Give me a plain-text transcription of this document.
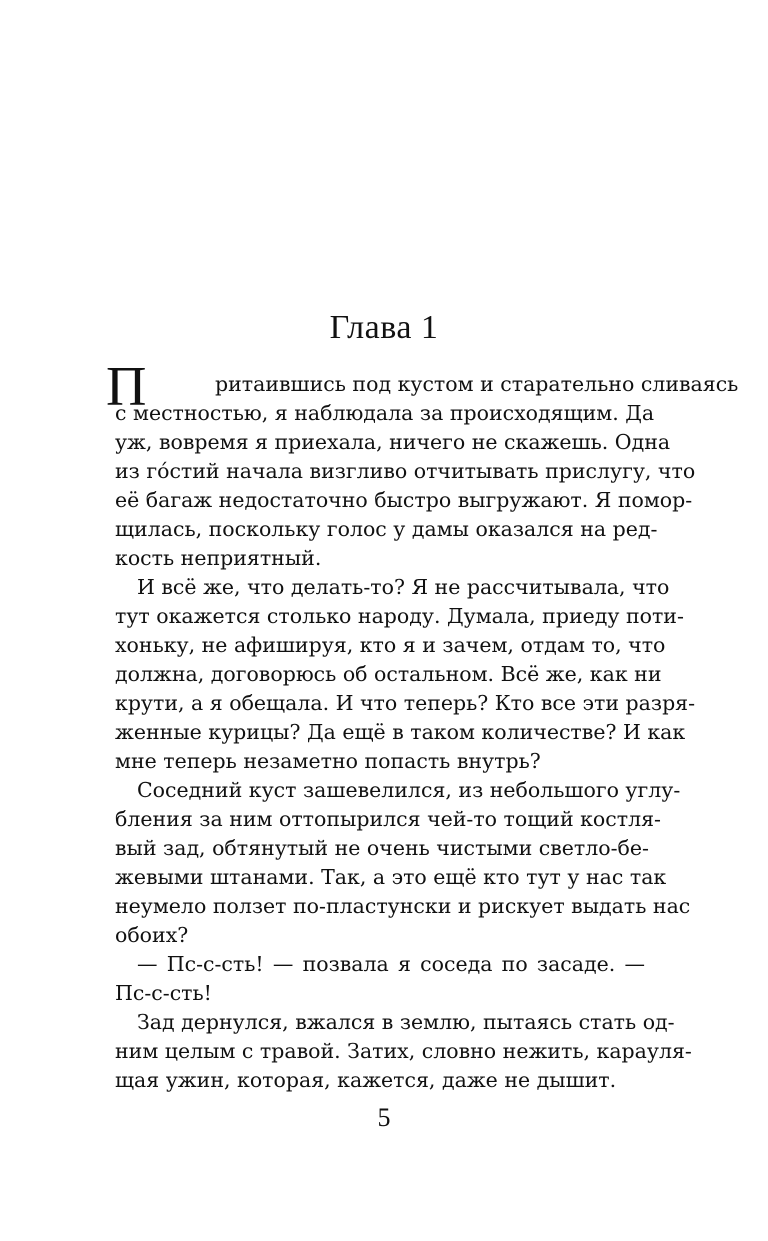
Глава 1
П	ритаившись под кустом и старательно сливаясь
с местностью, я наблюдала за происходящим. Да
уж, вовремя я приехала, ничего не скажешь. Одна
из го́стий начала визгливо отчитывать прислугу, что
её багаж недостаточно быстро выгружают. Я помор-
щилась, поскольку голос у дамы оказался на ред-
кость неприятный.
И всё же, что делать-то? Я не рассчитывала, что
тут окажется столько народу. Думала, приеду поти-
хоньку, не афишируя, кто я и зачем, отдам то, что
должна, договорюсь об остальном. Всё же, как ни
крути, а я обещала. И что теперь? Кто все эти разря-
женные курицы? Да ещё в таком количестве? И как
мне теперь незаметно попасть внутрь?
Соседний куст зашевелился, из небольшого углу-
бления за ним оттопырился чей-то тощий костля-
вый зад, обтянутый не очень чистыми светло-бе-
жевыми штанами. Так, а это ещё кто тут у нас так
неумело ползет по-пластунски и рискует выдать нас
обоих?
— Пс-с-сть! — позвала я соседа по засаде. —
Пс-с-сть!
Зад дернулся, вжался в землю, пытаясь стать од-
ним целым с травой. Затих, словно нежить, карауля-
щая ужин, которая, кажется, даже не дышит.
5
